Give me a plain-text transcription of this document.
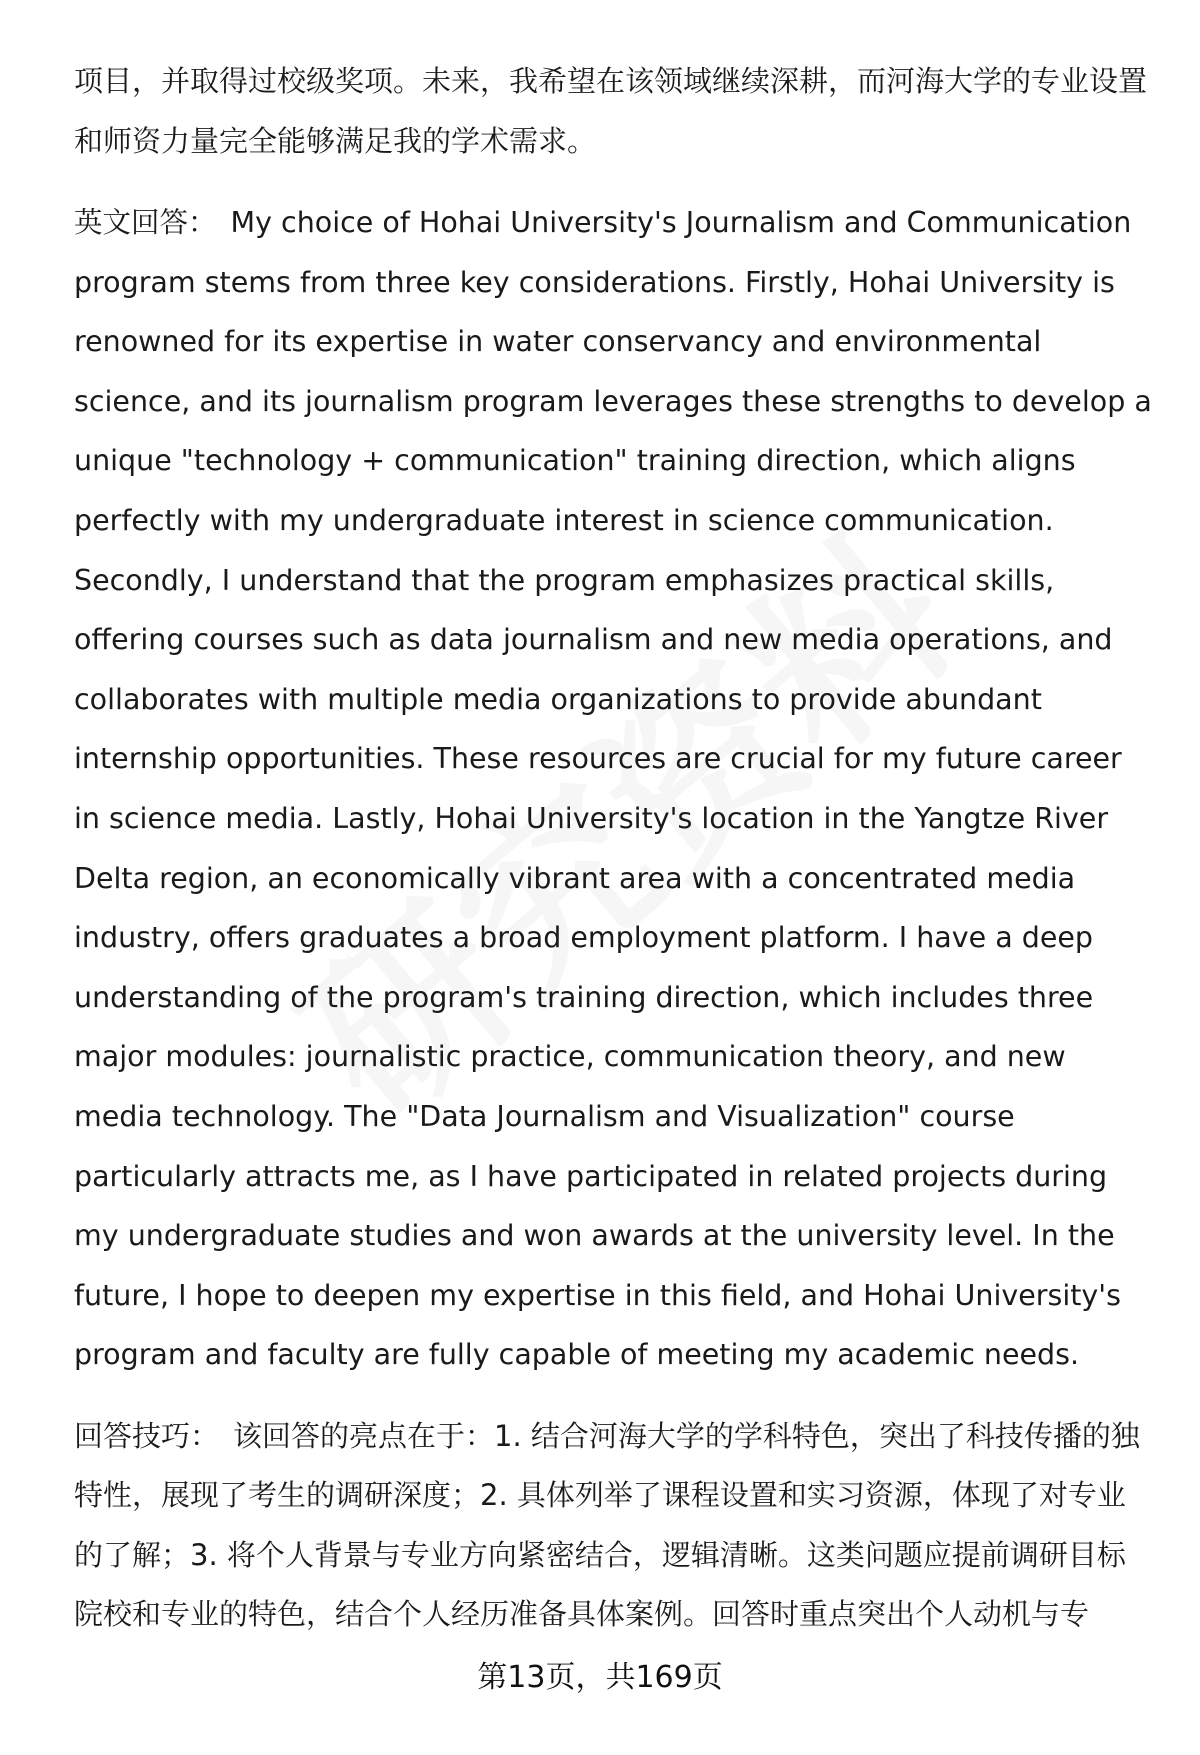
项目，并取得过校级奖项。未来，我希望在该领域继续深耕，而河海大学的专业设置和师资力量完全能够满足我的学术需求。

英文回答： My choice of Hohai University's Journalism and Communication program stems from three key considerations. Firstly, Hohai University is renowned for its expertise in water conservancy and environmental science, and its journalism program leverages these strengths to develop a unique "technology + communication" training direction, which aligns perfectly with my undergraduate interest in science communication. Secondly, I understand that the program emphasizes practical skills, offering courses such as data journalism and new media operations, and collaborates with multiple media organizations to provide abundant internship opportunities. These resources are crucial for my future career in science media. Lastly, Hohai University's location in the Yangtze River Delta region, an economically vibrant area with a concentrated media industry, offers graduates a broad employment platform. I have a deep understanding of the program's training direction, which includes three major modules: journalistic practice, communication theory, and new media technology. The "Data Journalism and Visualization" course particularly attracts me, as I have participated in related projects during my undergraduate studies and won awards at the university level. In the future, I hope to deepen my expertise in this field, and Hohai University's program and faculty are fully capable of meeting my academic needs.

回答技巧： 该回答的亮点在于：1. 结合河海大学的学科特色，突出了科技传播的独特性，展现了考生的调研深度；2. 具体列举了课程设置和实习资源，体现了对专业的了解；3. 将个人背景与专业方向紧密结合，逻辑清晰。这类问题应提前调研目标院校和专业的特色，结合个人经历准备具体案例。回答时重点突出个人动机与专

第13页，共169页
